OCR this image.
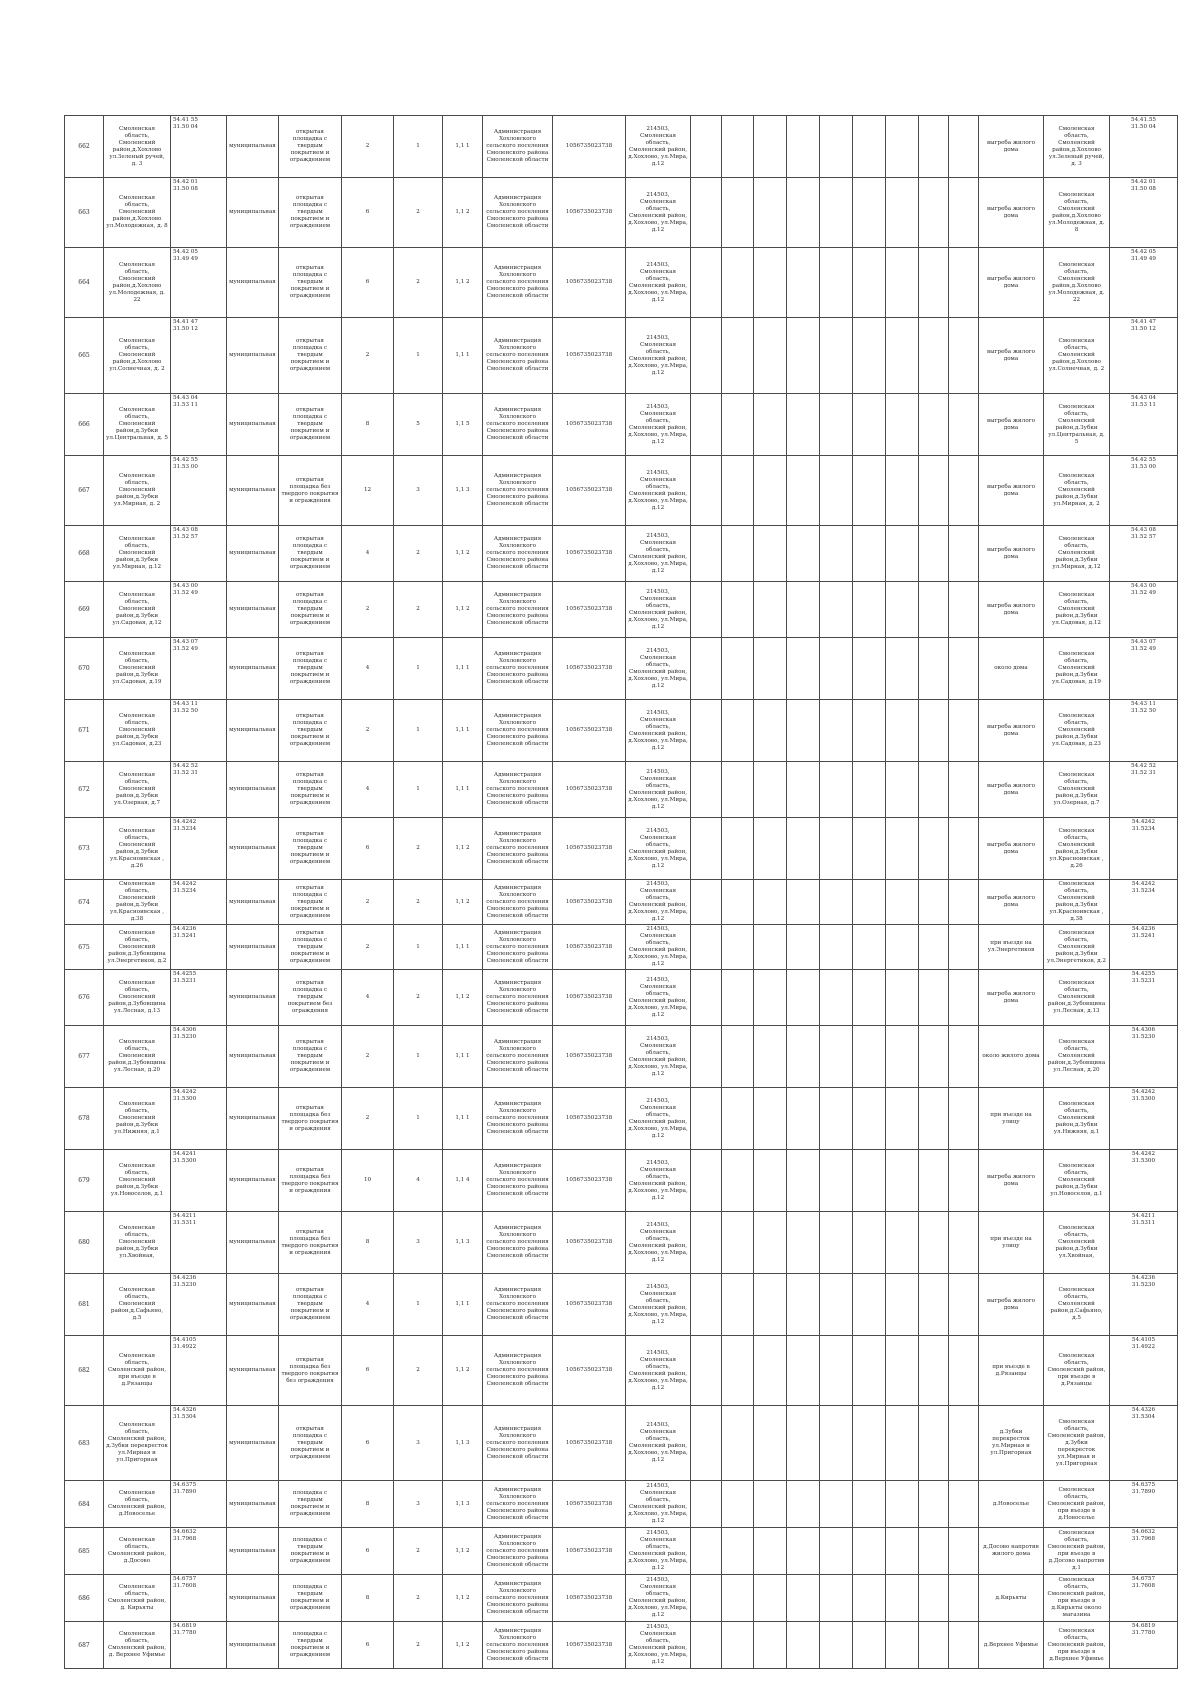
662	Смоленская область, Смоленский район,д.Хохлово ул.Зеленый ручей, д. 3	54.41 55
31.50 04	муниципальная	открытая площадка с твердым покрытием и ограждением	2	1	1,1 1	Администрация Хохловского сельского поселения Смоленского района Смоленской области	1056735023738	214503, Смоленская область, Смоленский район, д.Хохлово, ул.Мира, д.12										выгреба жилого дома	Смоленская область, Смоленский район,д.Хохлово ул.Зеленый ручей, д. 3	54.41.55
31.50 04

663	Смоленская область, Смоленский район,д.Хохлово ул.Молодежная, д. 8	54.42 01
31.50 08	муниципальная	открытая площадка с твердым покрытием и ограждением	6	2	1,1 2	Администрация Хохловского сельского поселения Смоленского района Смоленской области	1056735023738	214503, Смоленская область, Смоленский район, д.Хохлово, ул.Мира, д.12										выгреба жилого дома	Смоленская область, Смоленский район,д.Хохлово ул.Молодежная, д. 8	54.42 01
31.50 08

664	Смоленская область, Смоленский район,д.Хохлово ул.Молодежная, д. 22	54.42 05
31.49 49	муниципальная	открытая площадка с твердым покрытием и ограждением	6	2	1,1 2	Администрация Хохловского сельского поселения Смоленского района Смоленской области	1056735023738	214503, Смоленская область, Смоленский район, д.Хохлово, ул.Мира, д.12										выгреба жилого дома	Смоленская область, Смоленский район,д.Хохлово ул.Молодежная, д. 22	54.42 05
31.49 49

665	Смоленская область, Смоленский район,д.Хохлово ул.Солнечная, д. 2	54.41 47
31.50 12	муниципальная	открытая площадка с твердым покрытием и ограждением	2	1	1,1 1	Администрация Хохловского сельского поселения Смоленского района Смоленской области	1056735023738	214503, Смоленская область, Смоленский район, д.Хохлово, ул.Мира, д.12										выгреба жилого дома	Смоленская область, Смоленский район,д.Хохлово ул.Солнечная, д. 2	54.41 47
31.50 12

666	Смоленская область, Смоленский район,д.Зубки ул.Центральная, д. 5	54.43 04
31.53 11	муниципальная	открытая площадка с твердым покрытием и ограждением	8	5	1,1 5	Администрация Хохловского сельского поселения Смоленского района Смоленской области	1056735023738	214503, Смоленская область, Смоленский район, д.Хохлово, ул.Мира, д.12										выгреба жилого дома	Смоленская область, Смоленский район,д.Зубки ул.Центральная, д. 5	54.43 04
31.53 11

667	Смоленская область, Смоленский район,д.Зубки ул.Мирная, д. 2	54.42 55
31.53 00	муниципальная	открытая площадка без твердого покрытия и ограждения	12	3	1,1 3	Администрация Хохловского сельского поселения Смоленского района Смоленской области	1056735023738	214503, Смоленская область, Смоленский район, д.Хохлово, ул.Мира, д.12										выгреба жилого дома	Смоленская область, Смоленский район,д.Зубки ул.Мирная, д. 2	54.42 55
31.53 00

668	Смоленская область, Смоленский район,д.Зубки ул.Мирная, д.12	54.43 08
31.52 57	муниципальная	открытая площадка с твердым покрытием и ограждением	4	2	1,1 2	Администрация Хохловского сельского поселения Смоленского района Смоленской области	1056735023738	214503, Смоленская область, Смоленский район, д.Хохлово, ул.Мира, д.12										выгреба жилого дома	Смоленская область, Смоленский район,д.Зубки ул.Мирная, д.12	54.43 08
31.52 57

669	Смоленская область, Смоленский район,д.Зубки ул.Садовая, д.12	54.43 00
31.52 49	муниципальная	открытая площадка с твердым покрытием и ограждением	2	2	1,1 2	Администрация Хохловского сельского поселения Смоленского района Смоленской области	1056735023738	214503, Смоленская область, Смоленский район, д.Хохлово, ул.Мира, д.12										выгреба жилого дома	Смоленская область, Смоленский район,д.Зубки ул.Садовая, д.12	54.43 00
31.52 49

670	Смоленская область, Смоленский район,д.Зубки ул.Садовая, д.19	54.43 07
31.52 49	муниципальная	открытая площадка с твердым покрытием и ограждением	4	1	1,1 1	Администрация Хохловского сельского поселения Смоленского района Смоленской области	1056735023738	214503, Смоленская область, Смоленский район, д.Хохлово, ул.Мира, д.12										около дома	Смоленская область, Смоленский район,д.Зубки ул.Садовая, д.19	54.43 07
31.52 49

671	Смоленская область, Смоленский район,д.Зубки ул.Садовая, д.23	54.43 11
31.52 50	муниципальная	открытая площадка с твердым покрытием и ограждением	2	1	1,1 1	Администрация Хохловского сельского поселения Смоленского района Смоленской области	1056735023738	214503, Смоленская область, Смоленский район, д.Хохлово, ул.Мира, д.12										выгреба жилого дома	Смоленская область, Смоленский район,д.Зубки ул.Садовая, д.23	54.43 11
31.52 50

672	Смоленская область, Смоленский район,д.Зубки ул.Озерная, д.7	54.42 52
31.52 31	муниципальная	открытая площадка с твердым покрытием и ограждением	4	1	1,1 1	Администрация Хохловского сельского поселения Смоленского района Смоленской области	1056735023738	214503, Смоленская область, Смоленский район, д.Хохлово, ул.Мира, д.12										выгреба жилого дома	Смоленская область, Смоленский район,д.Зубки ул.Озерная, д.7	54.42 52
31.52 31

673	Смоленская область, Смоленский район,д.Зубки ул.Красноивская , д.26	54.4242
31.5234	муниципальная	открытая площадка с твердым покрытием и ограждением	6	2	1,1 2	Администрация Хохловского сельского поселения Смоленского района Смоленской области	1056735023738	214503, Смоленская область, Смоленский район, д.Хохлово, ул.Мира, д.12										выгреба жилого дома	Смоленская область, Смоленский район,д.Зубки ул.Красноивская , д.26	54.4242
31.5234

674	Смоленская область, Смоленский район,д.Зубки ул.Красноивская , д.38	54.4242
31.5234	муниципальная	открытая площадка с твердым покрытием и ограждением	2	2	1,1 2	Администрация Хохловского сельского поселения Смоленского района Смоленской области	1056735023738	214503, Смоленская область, Смоленский район, д.Хохлово, ул.Мира, д.12										выгреба жилого дома	Смоленская область, Смоленский район,д.Зубки ул.Красноивская , д.38	54.4242
31.5234

675	Смоленская область, Смоленский район,д.Зубовщина ул.Энергетиков, д.2	54.4236
31.5241	муниципальная	открытая площадка с твердым покрытием и ограждением	2	1	1,1 1	Администрация Хохловского сельского поселения Смоленского района Смоленской области	1056735023738	214503, Смоленская область, Смоленский район, д.Хохлово, ул.Мира, д.12										при въезде на ул.Энергетиков	Смоленская область, Смоленский район,д.Зубки ул.Энергетиков, д.2	54.4236
31.5241

676	Смоленская область, Смоленский район,д.Зубовщина ул.Лесная, д.13	54.4255
31.5231	муниципальная	открытая площадка с твердым покрытием без ограждения	4	2	1,1 2	Администрация Хохловского сельского поселения Смоленского района Смоленской области	1056735023738	214503, Смоленская область, Смоленский район, д.Хохлово, ул.Мира, д.12										выгреба жилого дома	Смоленская область, Смоленский район,д.Зубовщина ул.Лесная, д.13	54.4255
31.5231

677	Смоленская область, Смоленский район,д.Зубовщина ул.Лесная, д.20	54.4306
31.5230	муниципальная	открытая площадка с твердым покрытием и ограждением	2	1	1,1 1	Администрация Хохловского сельского поселения Смоленского района Смоленской области	1056735023738	214503, Смоленская область, Смоленский район, д.Хохлово, ул.Мира, д.12										около жилого дома	Смоленская область, Смоленский район,д.Зубовщина ул.Лесная, д.20	54.4306
31.5230

678	Смоленская область, Смоленский район,д.Зубки ул.Нижняя, д.1	54.4242
31.5300	муниципальная	открытая площадка без твердого покрытия и ограждения	2	1	1,1 1	Администрация Хохловского сельского поселения Смоленского района Смоленской области	1056735023738	214503, Смоленская область, Смоленский район, д.Хохлово, ул.Мира, д.12										при въезде на улицу	Смоленская область, Смоленский район,д.Зубки ул.Нижняя, д.1	54.4242
31.5300

679	Смоленская область, Смоленский район,д.Зубки ул.Новоселов, д.1	54.4241
31.5300	муниципальная	открытая площадка без твердого покрытия и ограждения	10	4	1,1 4	Администрация Хохловского сельского поселения Смоленского района Смоленской области	1056735023738	214503, Смоленская область, Смоленский район, д.Хохлово, ул.Мира, д.12										выгреба жилого дома	Смоленская область, Смоленский район,д.Зубки ул.Новоселов, д.1	54.4242
31.5300

680	Смоленская область, Смоленский район,д.Зубки ул.Хвойная,	54.4211
31.5311	муниципальная	открытая площадка без твердого покрытия и ограждения	8	3	1,1 3	Администрация Хохловского сельского поселения Смоленского района Смоленской области	1056735023738	214503, Смоленская область, Смоленский район, д.Хохлово, ул.Мира, д.12										при въезде на улицу	Смоленская область, Смоленский район,д.Зубки ул.Хвойная,	54.4211
31.5311

681	Смоленская область, Смоленский район,д.Сафьяно, д.5	54.4236
31.5230	муниципальная	открытая площадка с твердым покрытием и ограждением	4	1	1,1 1	Администрация Хохловского сельского поселения Смоленского района Смоленской области	1056735023738	214503, Смоленская область, Смоленский район, д.Хохлово, ул.Мира, д.12										выгреба жилого дома	Смоленская область, Смоленский район,д.Сафьяно, д.5	54.4236
31.5230

682	Смоленская область, Смоленский район, при въезде в д.Рязанцы	54.4105
31.4922	муниципальная	открытая площадка без твердого покрытия без ограждения	6	2	1,1 2	Администрация Хохловского сельского поселения Смоленского района Смоленской области	1056735023738	214503, Смоленская область, Смоленский район, д.Хохлово, ул.Мира, д.12										при въезде в д.Рязанцы	Смоленская область, Смоленский район, при въезде в д.Рязанцы	54.4105
31.4922

683	Смоленская область, Смоленский район, д.Зубки перекресток ул.Мирная и ул.Пригорная	54.4326
31.5304	муниципальная	открытая площадка с твердым покрытием и ограждением	6	3	1,1 3	Администрация Хохловского сельского поселения Смоленского района Смоленской области	1056735023738	214503, Смоленская область, Смоленский район, д.Хохлово, ул.Мира, д.12										д.Зубки перекресток ул.Мирная и ул.Пригорная	Смоленская область, Смоленский район, д.Зубки перекресток ул.Мирная и ул.Пригорная	54.4326
31.5304

684	Смоленская область, Смоленский район, д.Новоселье	54.6375
31.7890	муниципальная	площадка с твердым покрытием и ограждением	8	3	1,1 3	Администрация Хохловского сельского поселения Смоленского района Смоленской области	1056735023738	214503, Смоленская область, Смоленский район, д.Хохлово, ул.Мира, д.12										д.Новоселье	Смоленская область, Смоленский район, при въезде в д.Новоселье	54.6375
31.7890

685	Смоленская область, Смоленский район, д.Досово	54.6632
31.7968	муниципальная	площадка с твердым покрытием и ограждением	6	2	1,1 2	Администрация Хохловского сельского поселения Смоленского района Смоленской области	1056735023738	214503, Смоленская область, Смоленский район, д.Хохлово, ул.Мира, д.12										д.Досово напротив жилого дома	Смоленская область, Смоленский район, при въезде в д.Досово напротив д.1	54.6632
31.7968

686	Смоленская область, Смоленский район, д. Кирьяты	54.6757
31.7608	муниципальная	площадка с твердым покрытием и ограждением	8	2	1,1 2	Администрация Хохловского сельского поселения Смоленского района Смоленской области	1056735023738	214503, Смоленская область, Смоленский район, д.Хохлово, ул.Мира, д.12										д.Кирьяты	Смоленская область, Смоленский район, при въезде в д.Кирьяты около магазина	54.6757
31.7608

687	Смоленская область, Смоленский район, д. Верхнее Уфимье	54.6819
31.7780	муниципальная	площадка с твердым покрытием и ограждением	6	2	1,1 2	Администрация Хохловского сельского поселения Смоленского района Смоленской области	1056735023738	214503, Смоленская область, Смоленский район, д.Хохлово, ул.Мира, д.12										д.Верхнее Уфимье	Смоленская область, Смоленский район, при въезде в д.Верхнее Уфимье	54.6819
31.7780
